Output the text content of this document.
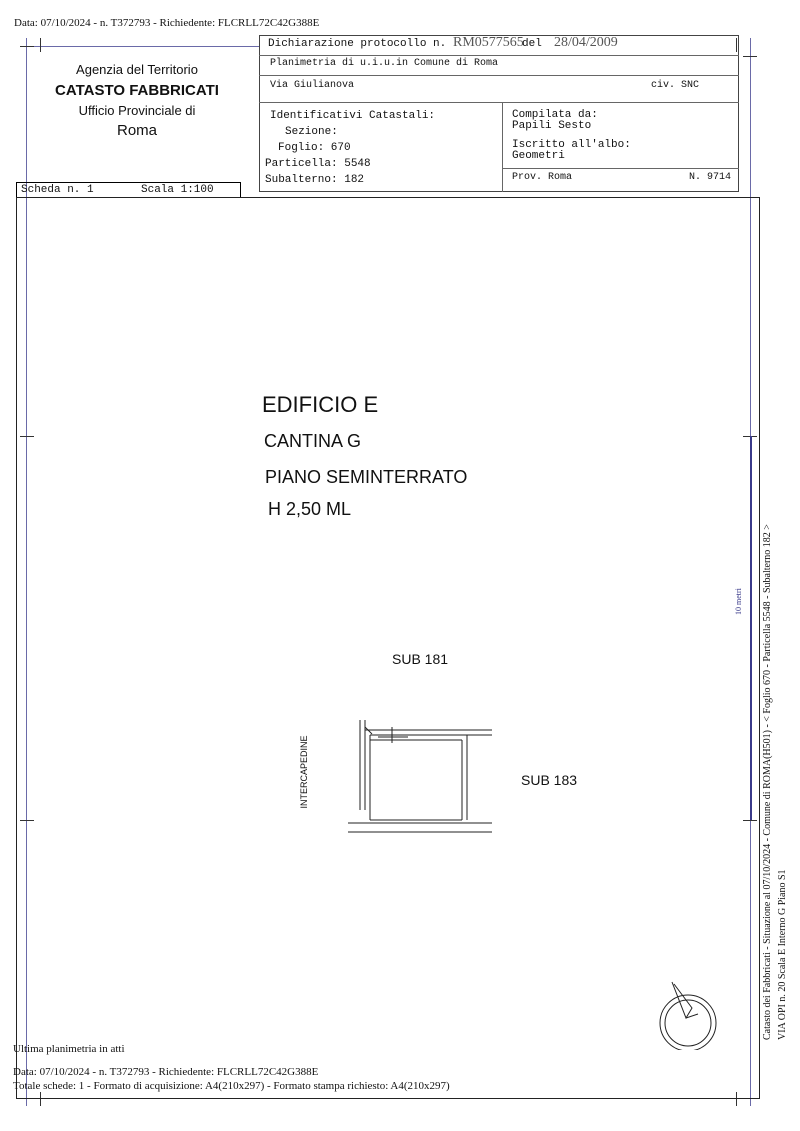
Data: 07/10/2024 - n. T372793 - Richiedente: FLCRLL72C42G388E
Agenzia del Territorio
CATASTO FABBRICATI
Ufficio Provinciale di
Roma
Scheda n. 1	Scala 1:100
Dichiarazione protocollo n. RM0577565
del 28/04/2009
Planimetria di u.i.u.in Comune di Roma
Via Giulianova	civ. SNC
Identificativi Catastali:
Sezione:
Foglio: 670
Particella: 5548
Subalterno: 182
Compilata da:
Papili Sesto
Iscritto all'albo:
Geometri
Prov. Roma	N. 9714
EDIFICIO E
CANTINA G
PIANO SEMINTERRATO
H 2,50 ML
SUB 181
SUB 183
INTERCAPEDINE
10 metri Catasto dei Fabbricati - Situazione al 07/10/2024 - Comune di ROMA(H501) - < Foglio 670 - Particella 5548 - Subalterno 182 > VIA OPI n. 20 Scala E Interno G Piano S1
Ultima planimetria in atti
Data: 07/10/2024 - n. T372793 - Richiedente: FLCRLL72C42G388E
Totale schede: 1 - Formato di acquisizione: A4(210x297) - Formato stampa richiesto: A4(210x297)
